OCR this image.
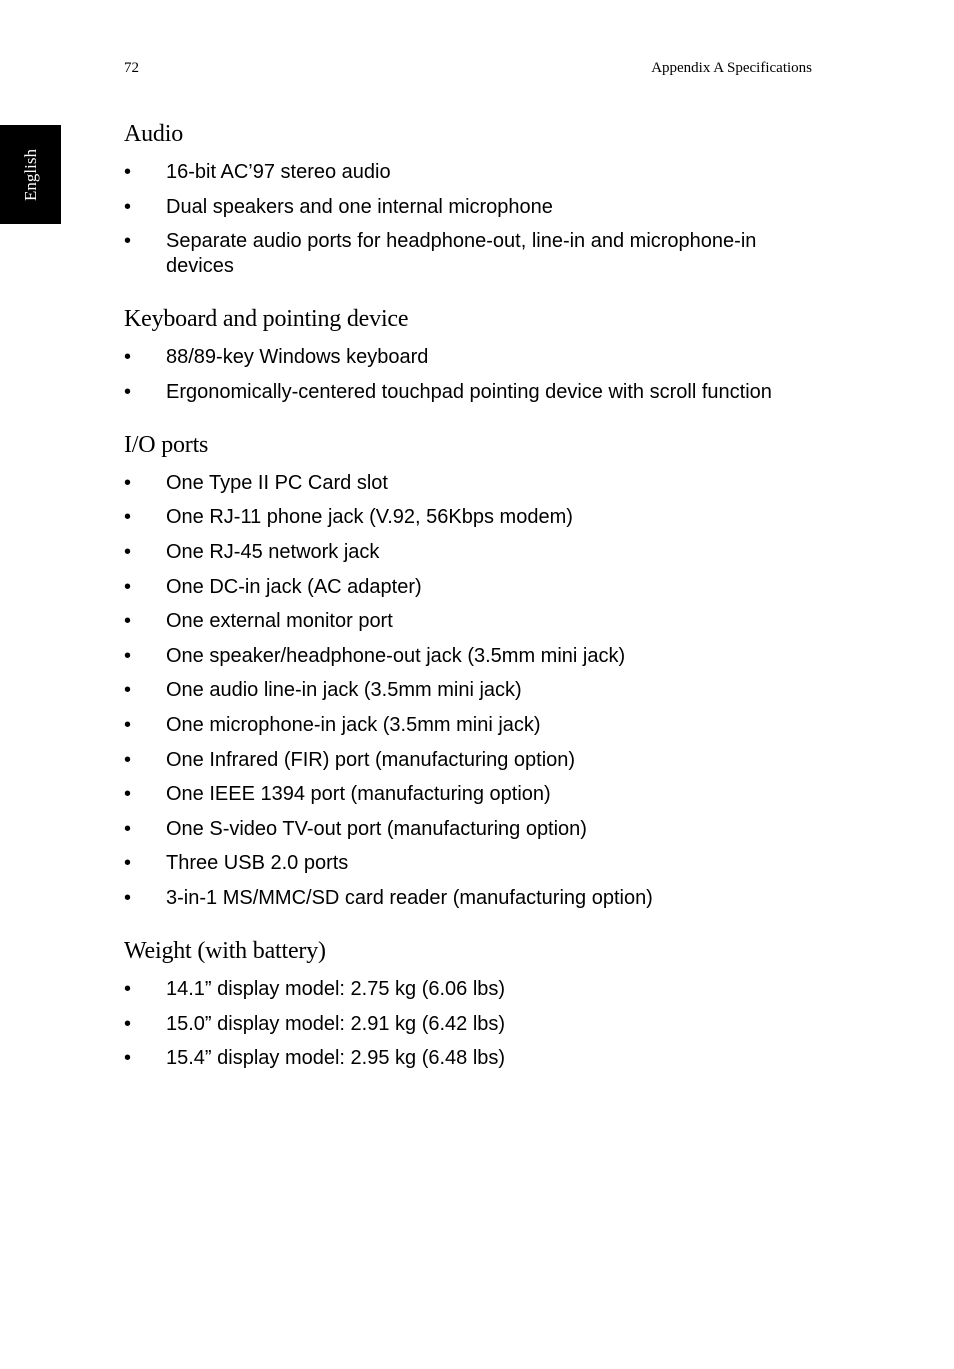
72	Appendix A Specifications
English
Audio
• 16-bit AC’97 stereo audio
• Dual speakers and one internal microphone
• Separate audio ports for headphone-out, line-in and microphone-in devices
Keyboard and pointing device
• 88/89-key Windows keyboard
• Ergonomically-centered touchpad pointing device with scroll function
I/O ports
• One Type II PC Card slot
• One RJ-11 phone jack (V.92, 56Kbps modem)
• One RJ-45 network jack
• One DC-in jack (AC adapter)
• One external monitor port
• One speaker/headphone-out jack (3.5mm mini jack)
• One audio line-in jack (3.5mm mini jack)
• One microphone-in jack (3.5mm mini jack)
• One Infrared (FIR) port (manufacturing option)
• One IEEE 1394 port (manufacturing option)
• One S-video TV-out port (manufacturing option)
• Three USB 2.0 ports
• 3-in-1 MS/MMC/SD card reader (manufacturing option)
Weight (with battery)
• 14.1” display model: 2.75 kg (6.06 lbs)
• 15.0” display model: 2.91 kg (6.42 lbs)
• 15.4” display model: 2.95 kg (6.48 lbs)
